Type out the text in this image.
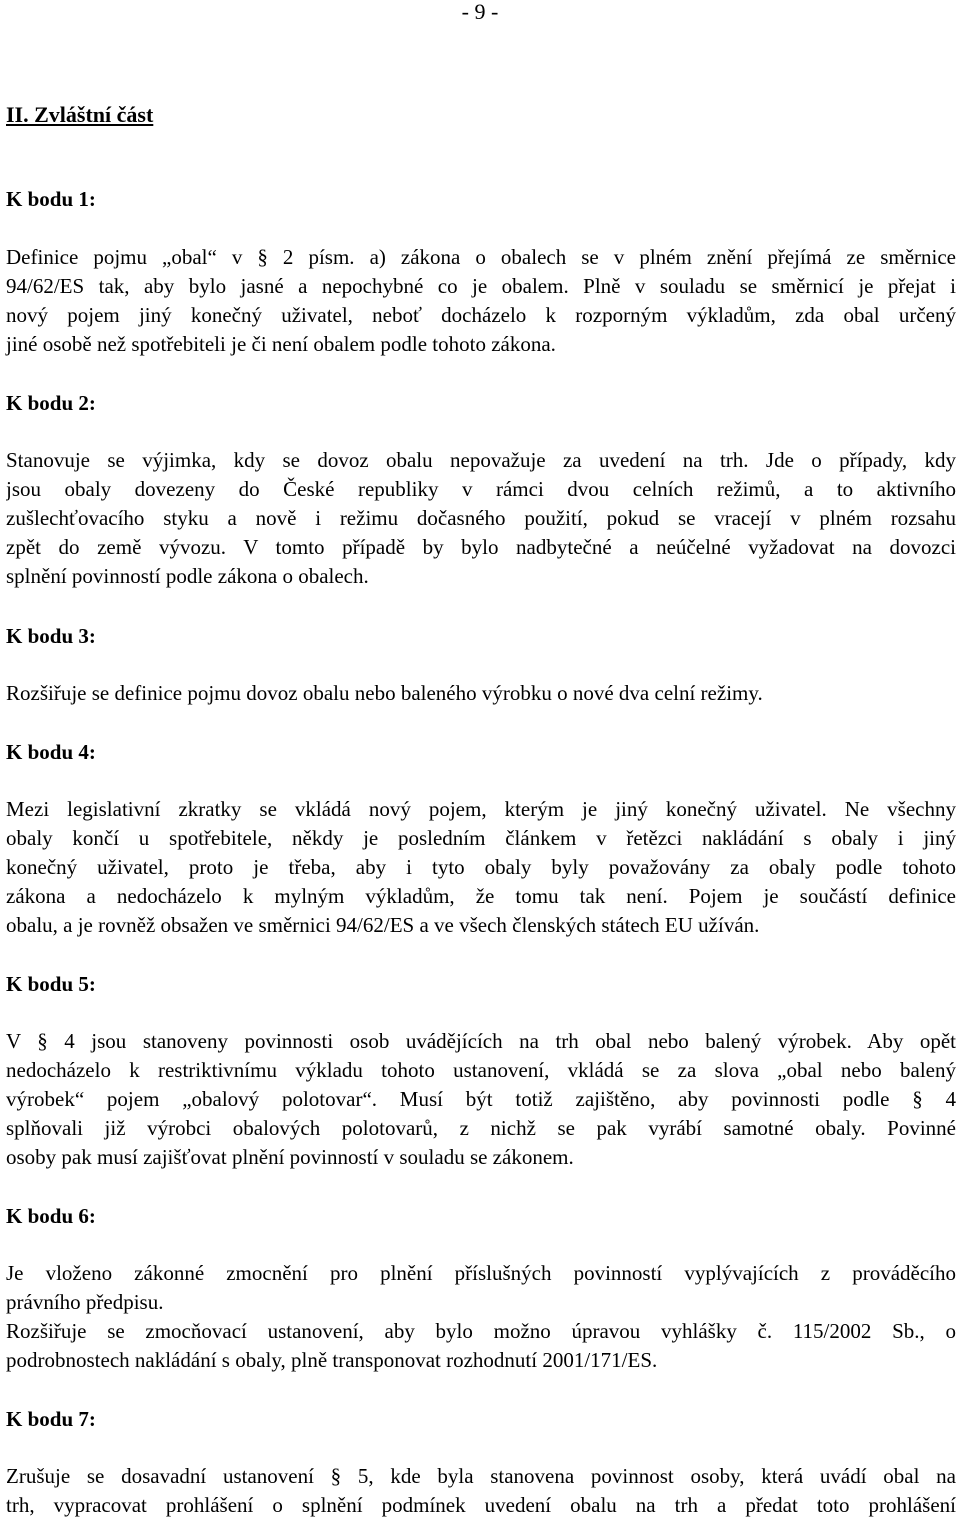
- 9 -
II. Zvláštní část
K bodu 1:
Definice pojmu „obal“ v § 2 písm. a) zákona o obalech se v plném znění přejímá ze směrnice
94/62/ES tak, aby bylo jasné a nepochybné co je obalem. Plně v souladu se směrnicí je přejat i
nový pojem jiný konečný uživatel, neboť docházelo k rozporným výkladům, zda obal určený
jiné osobě než spotřebiteli je či není obalem podle tohoto zákona.
K bodu 2:
Stanovuje se výjimka, kdy se dovoz obalu nepovažuje za uvedení na trh. Jde o případy, kdy
jsou obaly dovezeny do České republiky v rámci dvou celních režimů, a to aktivního
zušlechťovacího styku a nově i režimu dočasného použití, pokud se vracejí v plném rozsahu
zpět do země vývozu. V tomto případě by bylo nadbytečné a neúčelné vyžadovat na dovozci
splnění povinností podle zákona o obalech.
K bodu 3:
Rozšiřuje se definice pojmu dovoz obalu nebo baleného výrobku o nové dva celní režimy.
K bodu 4:
Mezi legislativní zkratky se vkládá nový pojem, kterým je jiný konečný uživatel. Ne všechny
obaly končí u spotřebitele, někdy je posledním článkem v řetězci nakládání s obaly i jiný
konečný uživatel, proto je třeba, aby i tyto obaly byly považovány za obaly podle tohoto
zákona a nedocházelo k mylným výkladům, že tomu tak není. Pojem je součástí definice
obalu, a je rovněž obsažen ve směrnici 94/62/ES a ve všech členských státech EU užíván.
K bodu 5:
V § 4 jsou stanoveny povinnosti osob uvádějících na trh obal nebo balený výrobek. Aby opět
nedocházelo k restriktivnímu výkladu tohoto ustanovení, vkládá se za slova „obal nebo balený
výrobek“ pojem „obalový polotovar“. Musí být totiž zajištěno, aby povinnosti podle § 4
splňovali již výrobci obalových polotovarů, z nichž se pak vyrábí samotné obaly. Povinné
osoby pak musí zajišťovat plnění povinností v souladu se zákonem.
K bodu 6:
Je vloženo zákonné zmocnění pro plnění příslušných povinností vyplývajících z prováděcího
právního předpisu.
Rozšiřuje se zmocňovací ustanovení, aby bylo možno úpravou vyhlášky č. 115/2002 Sb., o
podrobnostech nakládání s obaly, plně transponovat rozhodnutí 2001/171/ES.
K bodu 7:
Zrušuje se dosavadní ustanovení § 5, kde byla stanovena povinnost osoby, která uvádí obal na
trh, vypracovat prohlášení o splnění podmínek uvedení obalu na trh a předat toto prohlášení
